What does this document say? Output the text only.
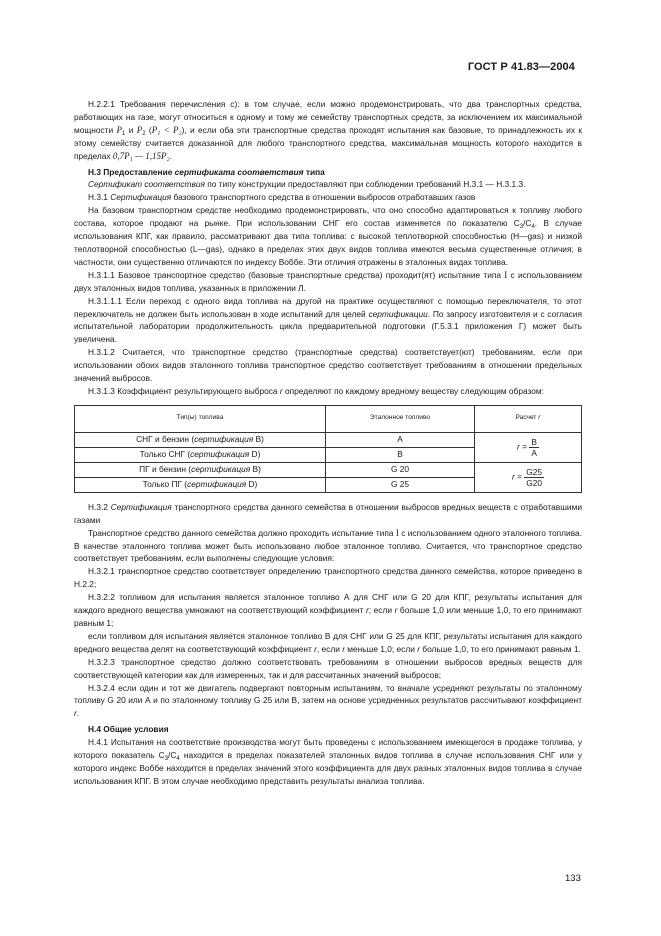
ГОСТ Р 41.83—2004

Н.2.2.1 Требования перечисления с): в том случае, если можно продемонстрировать, что два транспортных средства, работающих на газе, могут относиться к одному и тому же семейству транспортных средств, за исключением их максимальной мощности $P_1$ и $P_2$ (P₁ < P₂), и если оба эти транспортные средства проходят испытания как базовые, то принадлежность их к этому семейству считается доказанной для любого транспортного средства, максимальная мощность которого находится в пределах 0,7P₁ — 1,15P₂.

Н.3 Предоставление сертификата соответствия типа

Сертификат соответствия по типу конструкции предоставляют при соблюдении требований Н.3.1 — Н.3.1.3.

Н.3.1 Сертификация базового транспортного средства в отношении выбросов отработавших газов

На базовом транспортном средстве необходимо продемонстрировать, что оно способно адаптироваться к топливу любого состава, которое продают на рынке. При использовании СНГ его состав изменяется по показателю $C_3/C_4$. В случае использования КПГ, как правило, рассматривают два типа топлива: с высокой теплотворной способностью (H—gas) и низкой теплотворной способностью (L—gas), однако в пределах этих двух видов топлива имеются весьма существенные отличия; в частности, они существенно отличаются по индексу Воббе. Эти отличия отражены в эталонных видах топлива.

Н.3.1.1 Базовое транспортное средство (базовые транспортные средства) проходит(ят) испытание типа I с использованием двух эталонных видов топлива, указанных в приложении Л.

Н.3.1.1.1 Если переход с одного вида топлива на другой на практике осуществляют с помощью переключателя, то этот переключатель не должен быть использован в ходе испытаний для целей сертификации. По запросу изготовителя и с согласия испытательной лаборатории продолжительность цикла предварительной подготовки (Г.5.3.1 приложения Г) может быть увеличена.

Н.3.1.2 Считается, что транспортное средство (транспортные средства) соответствует(ют) требованиям, если при использовании обоих видов эталонного топлива транспортное средство соответствует требованиям в отношении предельных значений выбросов.

Н.3.1.3 Коэффициент результирующего выброса r определяют по каждому вредному веществу следующим образом:

Тип(ы) топлива	Эталонное топливо	Расчет r
СНГ и бензин (сертификация B)	A	$r = \frac{B}{A}$

Только СНГ (сертификация D)	B	
ПГ и бензин (сертификация B)	G 20	$r = \frac{G25}{G20}$

Только ПГ (сертификация D)	G 25	

Н.3.2 Сертификация транспортного средства данного семейства в отношении выбросов вредных веществ с отработавшими газами

Транспортное средство данного семейства должно проходить испытание типа I с использованием одного эталонного топлива. В качестве эталонного топлива может быть использовано любое эталонное топливо. Считается, что транспортное средство соответствует требованиям, если выполнены следующие условия:

Н.3.2.1 транспортное средство соответствует определению транспортного средства данного семейства, которое приведено в Н.2.2;

Н.3.2.2 топливом для испытания является эталонное топливо А для СНГ или G 20 для КПГ, результаты испытания для каждого вредного вещества умножают на соответствующий коэффициент r; если r больше 1,0 или меньше 1,0, то его принимают равным 1;

если топливом для испытания является эталонное топливо B для СНГ или G 25 для КПГ, результаты испытания для каждого вредного вещества делят на соответствующий коэффициент r, если r меньше 1,0; если r больше 1,0, то его принимают равным 1.

Н.3.2.3 транспортное средство должно соответствовать требованиям в отношении выбросов вредных веществ для соответствующей категории как для измеренных, так и для рассчитанных значений выбросов;

Н.3.2.4 если один и тот же двигатель подвергают повторным испытаниям, то вначале усредняют результаты по эталонному топливу G 20 или А и по эталонному топливу G 25 или B, затем на основе усредненных результатов рассчитывают коэффициент r.

Н.4 Общие условия

Н.4.1 Испытания на соответствие производства могут быть проведены с использованием имеющегося в продаже топлива, у которого показатель $C_3/C_4$ находится в пределах показателей эталонных видов топлива в случае использования СНГ или у которого индекс Воббе находится в пределах значений этого коэффициента для двух разных эталонных видов топлива в случае использования КПГ. В этом случае необходимо представить результаты анализа топлива.

133
